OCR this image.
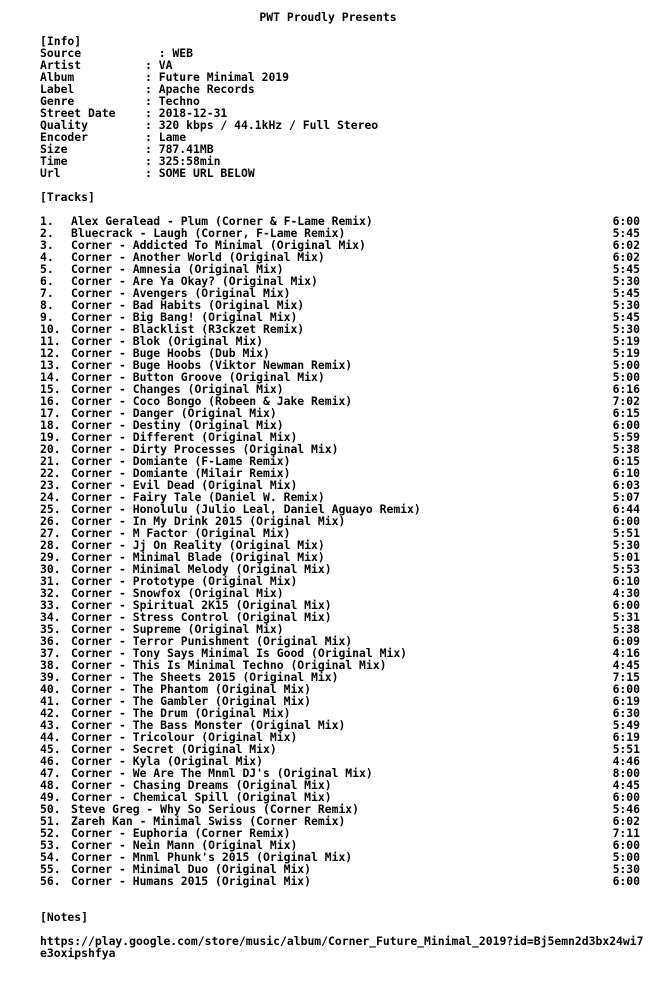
PWT Proudly Presents
[Info]
Source	: WEB
Artist	: VA
Album	: Future Minimal 2019
Label	: Apache Records
Genre	: Techno
Street Date	: 2018-12-31
Quality	: 320 kbps / 44.1kHz / Full Stereo
Encoder	: Lame
Size	: 787.41MB
Time	: 325:58min
Url	: SOME URL BELOW
[Tracks]
1. Alex Geralead - Plum (Corner & F-Lame Remix)	6:00
2. Bluecrack - Laugh (Corner, F-Lame Remix)	5:45
3. Corner - Addicted To Minimal (Original Mix)	6:02
4. Corner - Another World (Original Mix)	6:02
5. Corner - Amnesia (Original Mix)	5:45
6. Corner - Are Ya Okay? (Original Mix)	5:30
7. Corner - Avengers (Original Mix)	5:45
8. Corner - Bad Habits (Original Mix)	5:30
9. Corner - Big Bang! (Original Mix)	5:45
10. Corner - Blacklist (R3ckzet Remix)	5:30
11. Corner - Blok (Original Mix)	5:19
12. Corner - Buge Hoobs (Dub Mix)	5:19
13. Corner - Buge Hoobs (Viktor Newman Remix)	5:00
14. Corner - Button Groove (Original Mix)	5:00
15. Corner - Changes (Original Mix)	6:16
16. Corner - Coco Bongo (Robeen & Jake Remix)	7:02
17. Corner - Danger (Original Mix)	6:15
18. Corner - Destiny (Original Mix)	6:00
19. Corner - Different (Original Mix)	5:59
20. Corner - Dirty Processes (Original Mix)	5:38
21. Corner - Domiante (F-Lame Remix)	6:15
22. Corner - Domiante (Milair Remix)	6:10
23. Corner - Evil Dead (Original Mix)	6:03
24. Corner - Fairy Tale (Daniel W. Remix)	5:07
25. Corner - Honolulu (Julio Leal, Daniel Aguayo Remix)	6:44
26. Corner - In My Drink 2015 (Original Mix)	6:00
27. Corner - M Factor (Original Mix)	5:51
28. Corner - Jj On Reality (Original Mix)	5:30
29. Corner - Minimal Blade (Original Mix)	5:01
30. Corner - Minimal Melody (Original Mix)	5:53
31. Corner - Prototype (Original Mix)	6:10
32. Corner - Snowfox (Original Mix)	4:30
33. Corner - Spiritual 2K15 (Original Mix)	6:00
34. Corner - Stress Control (Original Mix)	5:31
35. Corner - Supreme (Original Mix)	5:38
36. Corner - Terror Punishment (Original Mix)	6:09
37. Corner - Tony Says Minimal Is Good (Original Mix)	4:16
38. Corner - This Is Minimal Techno (Original Mix)	4:45
39. Corner - The Sheets 2015 (Original Mix)	7:15
40. Corner - The Phantom (Original Mix)	6:00
41. Corner - The Gambler (Original Mix)	6:19
42. Corner - The Drum (Original Mix)	6:30
43. Corner - The Bass Monster (Original Mix)	5:49
44. Corner - Tricolour (Original Mix)	6:19
45. Corner - Secret (Original Mix)	5:51
46. Corner - Kyla (Original Mix)	4:46
47. Corner - We Are The Mnml DJ's (Original Mix)	8:00
48. Corner - Chasing Dreams (Original Mix)	4:45
49. Corner - Chemical Spill (Original Mix)	6:00
50. Steve Greg - Why So Serious (Corner Remix)	5:46
51. Zareh Kan - Minimal Swiss (Corner Remix)	6:02
52. Corner - Euphoria (Corner Remix)	7:11
53. Corner - Nein Mann (Original Mix)	6:00
54. Corner - Mnml Phunk's 2015 (Original Mix)	5:00
55. Corner - Minimal Duo (Original Mix)	5:30
56. Corner - Humans 2015 (Original Mix)	6:00
[Notes]
https://play.google.com/store/music/album/Corner_Future_Minimal_2019?id=Bj5emn2d3bx24wi7e3oxipshfya
